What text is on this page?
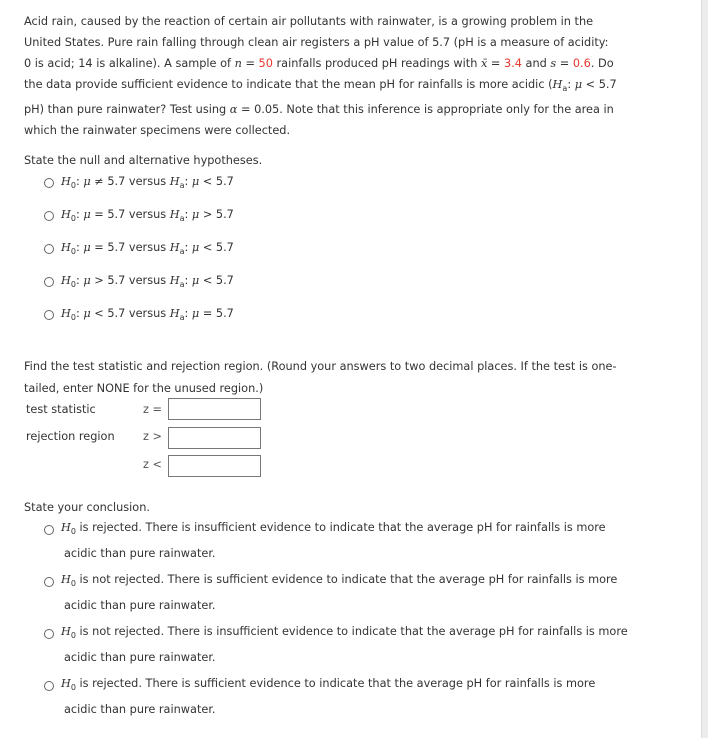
Acid rain, caused by the reaction of certain air pollutants with rainwater, is a growing problem in the
United States. Pure rain falling through clean air registers a pH value of 5.7 (pH is a measure of acidity:
0 is acid; 14 is alkaline). A sample of n = 50 rainfalls produced pH readings with x̄ = 3.4 and s = 0.6. Do
the data provide sufficient evidence to indicate that the mean pH for rainfalls is more acidic ($H_a$: μ < 5.7
pH) than pure rainwater? Test using α = 0.05. Note that this inference is appropriate only for the area in
which the rainwater specimens were collected.
State the null and alternative hypotheses.
$H_0$: μ ≠ 5.7 versus $H_a$: μ < 5.7
$H_0$: μ = 5.7 versus $H_a$: μ > 5.7
$H_0$: μ = 5.7 versus $H_a$: μ < 5.7
$H_0$: μ > 5.7 versus $H_a$: μ < 5.7
$H_0$: μ < 5.7 versus $H_a$: μ = 5.7
Find the test statistic and rejection region. (Round your answers to two decimal places. If the test is one-
tailed, enter NONE for the unused region.)
test statistic	z =
rejection region	z >
z <
State your conclusion.
$H_0$ is rejected. There is insufficient evidence to indicate that the average pH for rainfalls is more
acidic than pure rainwater.
$H_0$ is not rejected. There is sufficient evidence to indicate that the average pH for rainfalls is more
acidic than pure rainwater.
$H_0$ is not rejected. There is insufficient evidence to indicate that the average pH for rainfalls is more
acidic than pure rainwater.
$H_0$ is rejected. There is sufficient evidence to indicate that the average pH for rainfalls is more
acidic than pure rainwater.
